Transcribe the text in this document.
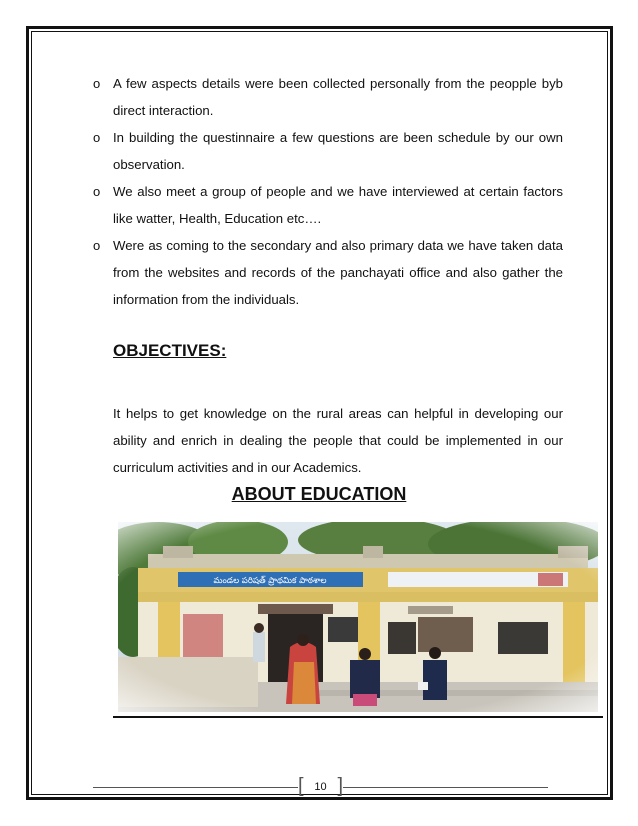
o A few aspects details were been collected personally from the peopple byb direct interaction.
o In building the questinnaire a few questions are been schedule by our own observation.
o We also meet a group of people and we have interviewed at certain factors like watter, Health, Education etc….
o Were as coming to the secondary and also primary data we have taken data from the websites and records of the panchayati office and also gather the information from the individuals.
OBJECTIVES:

It helps to get knowledge on the rural areas can helpful in developing our ability and enrich in dealing the people that could be implemented in our curriculum activities and in our Academics.

ABOUT EDUCATION
[ 10 ]
